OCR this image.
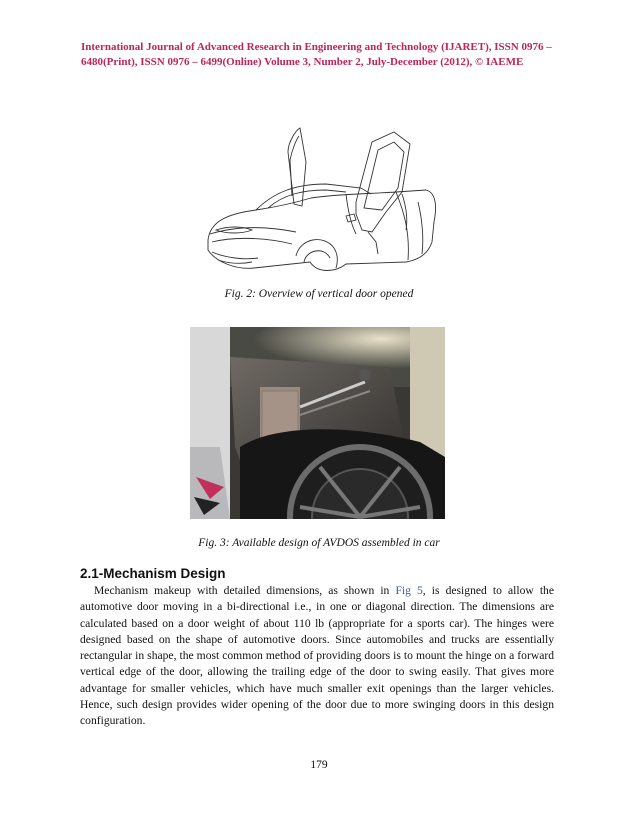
International Journal of Advanced Research in Engineering and Technology (IJARET), ISSN 0976 –
6480(Print), ISSN 0976 – 6499(Online) Volume 3, Number 2, July-December (2012), © IAEME
Fig. 2: Overview of vertical door opened
Fig. 3: Available design of AVDOS assembled in car
2.1-Mechanism Design
Mechanism makeup with detailed dimensions, as shown in Fig 5, is designed to allow the automotive door moving in a bi-directional i.e., in one or diagonal direction. The dimensions are calculated based on a door weight of about 110 lb (appropriate for a sports car). The hinges were designed based on the shape of automotive doors. Since automobiles and trucks are essentially rectangular in shape, the most common method of providing doors is to mount the hinge on a forward vertical edge of the door, allowing the trailing edge of the door to swing easily. That gives more advantage for smaller vehicles, which have much smaller exit openings than the larger vehicles. Hence, such design provides wider opening of the door due to more swinging doors in this design configuration.
179
